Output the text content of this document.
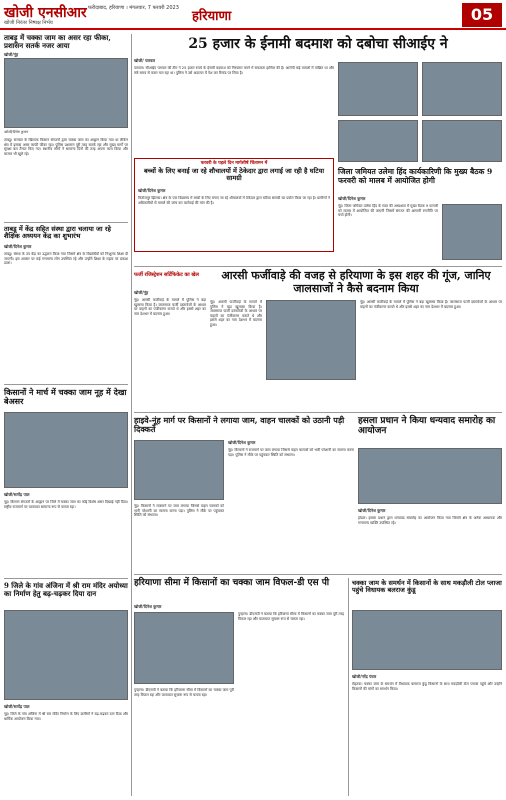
खोजी एनसीआर
खोजी निरंतर निष्पक्ष निर्भय
फरीदाबाद, हरियाणा । मंगलवार, 7 फरवरी 2023
हरियाणा	05
ताबड़ू में चक्का जाम का असर रहा फीका, प्रशासन सतर्क नजर आया
खोजी/नूंह
खोजी/दिनेश कुमार
ताबडू। सरकार के खिलाफ किसान संगठनों द्वारा चक्का जाम का आह्वान किया गया था लेकिन क्षेत्र में इसका असर काफी फीका रहा। पुलिस प्रशासन पूरी तरह सतर्क रहा और मुख्य मार्गों पर सुरक्षा बल तैनात किए गए। स्थानीय लोगों ने सामान्य दिनों की तरह अपना काम किया और बाजार भी खुले रहे।
ताबडू में केंद्र सहित संस्था द्वारा चलाया जा रहे शैक्षिक अध्ययन केंद्र का शुभारंभ
खोजी/दिनेश कुमार
ताबडू। संस्था के उप केंद्र का उद्घाटन किया गया जिसमें क्षेत्र के विद्यार्थियों को निःशुल्क शिक्षा दी जाएगी। इस अवसर पर कई गणमान्य लोग उपस्थित रहे और उन्होंने शिक्षा के महत्व पर प्रकाश डाला।
किसानों ने मार्च में चक्का जाम नूह में देखा बेअसर
खोजी/सत्येंद्र पाल
नूह। किसान संगठनों के आह्वान पर जिले में चक्का जाम का कोई विशेष असर दिखाई नहीं दिया। राष्ट्रीय राजमार्ग पर यातायात सामान्य रूप से चलता रहा।
9 जिले के गांव अंजिना में श्री राम मंदिर अयोध्या का निर्माण हेतु बढ़-चढ़कर दिया दान
खोजी/सत्येंद्र पाल
नूह। जिले के गांव अंजिना में श्री राम मंदिर निर्माण के लिए ग्रामीणों ने बढ़-चढ़कर दान दिया और धार्मिक आयोजन किया गया।
25 हजार के ईनामी बदमाश को दबोचा सीआईए ने
खोजी/ पलवल
पलवल। सीआईए पलवल की टीम ने 25 हजार रुपये के ईनामी बदमाश को गिरफ्तार करने में सफलता हासिल की है। आरोपी कई मामलों में वांछित था और लंबे समय से फरार चल रहा था। पुलिस ने उसे अदालत में पेश कर रिमांड पर लिया है।
फरवरी के पहले दिन मार्गशीर्ष चिंतामन में
बच्चों के लिए बनाई जा रहे शौचालयों में ठेकेदार द्वारा लगाई जा रही है घटिया सामग्री
खोजी/दिनेश कुमार
फिरोजपुर झिरका। क्षेत्र के एक विद्यालय में बच्चों के लिए बनाए जा रहे शौचालयों में ठेकेदार द्वारा घटिया सामग्री का प्रयोग किया जा रहा है। ग्रामीणों ने अधिकारियों से मामले की जांच कर कार्रवाई की मांग की है।
जिला जमियत उलेमा हिंद कार्यकारिणी कि मुख्य बैठक 9 फरवरी को मालब में आयोजित होगी
खोजी/दिनेश कुमार
नूंह। जिला जमियत उलेमा हिंद के सदर की अध्यक्षता में मुख्य बैठक 9 फरवरी को मालब में आयोजित की जाएगी जिसमें संगठन की आगामी रणनीति पर चर्चा होगी।
फर्जी रजिस्ट्रेशन सर्टिफिकेट का खेल
खोजी/नूंह
नूंह। आरसी फर्जीवाड़े के मामले में पुलिस ने बड़ा खुलासा किया है। जालसाज फर्जी दस्तावेजों के आधार पर वाहनों का पंजीकरण कराते थे और इससे शहर का नाम देशभर में बदनाम हुआ।
आरसी फर्जीवाड़े की वजह से हरियाणा के इस शहर की गूंज, जानिए जालसाजों ने कैसे बदनाम किया
नूंह। आरसी फर्जीवाड़े के मामले में पुलिस ने बड़ा खुलासा किया है। जालसाज फर्जी दस्तावेजों के आधार पर वाहनों का पंजीकरण कराते थे और इससे शहर का नाम देशभर में बदनाम हुआ।
नूंह। आरसी फर्जीवाड़े के मामले में पुलिस ने बड़ा खुलासा किया है। जालसाज फर्जी दस्तावेजों के आधार पर वाहनों का पंजीकरण कराते थे और इससे शहर का नाम देशभर में बदनाम हुआ।
हाइवे-नूंह मार्ग पर किसानों ने लगाया जाम, वाहन चालकों को उठानी पड़ी दिक्कतें
खोजी/दिनेश कुमार
नूंह। किसानों ने राजमार्ग पर जाम लगाया जिससे वाहन चालकों को भारी परेशानी का सामना करना पड़ा। पुलिस ने मौके पर पहुंचकर स्थिति को संभाला।
नूंह। किसानों ने राजमार्ग पर जाम लगाया जिससे वाहन चालकों को भारी परेशानी का सामना करना पड़ा। पुलिस ने मौके पर पहुंचकर स्थिति को संभाला।
हसला प्रधान ने किया धन्यवाद समारोह का आयोजन
खोजी/दिनेश कुमार
होडल। हसला प्रधान द्वारा धन्यवाद समारोह का आयोजन किया गया जिसमें क्षेत्र के अनेक अध्यापक और गणमान्य व्यक्ति उपस्थित रहे।
हरियाणा सीमा में किसानों का चक्का जाम विफल-डी एस पी
खोजी/दिनेश कुमार
पुन्हाना। डीएसपी ने बताया कि हरियाणा सीमा में किसानों का चक्का जाम पूरी तरह विफल रहा और यातायात सुचारू रूप से चलता रहा।
पुन्हाना। डीएसपी ने बताया कि हरियाणा सीमा में किसानों का चक्का जाम पूरी तरह विफल रहा और यातायात सुचारू रूप से चलता रहा।
चक्का जाम के समर्थन में किसानों के साथ मकड़ौली टोल प्लाजा पहुंचे विधायक बलराज कुंडू
खोजी/नरेंद्र पंवार
रोहतक। चक्का जाम के समर्थन में विधायक बलराज कुंडू किसानों के साथ मकड़ौली टोल प्लाजा पहुंचे और उन्होंने किसानों की मांगों का समर्थन किया।
